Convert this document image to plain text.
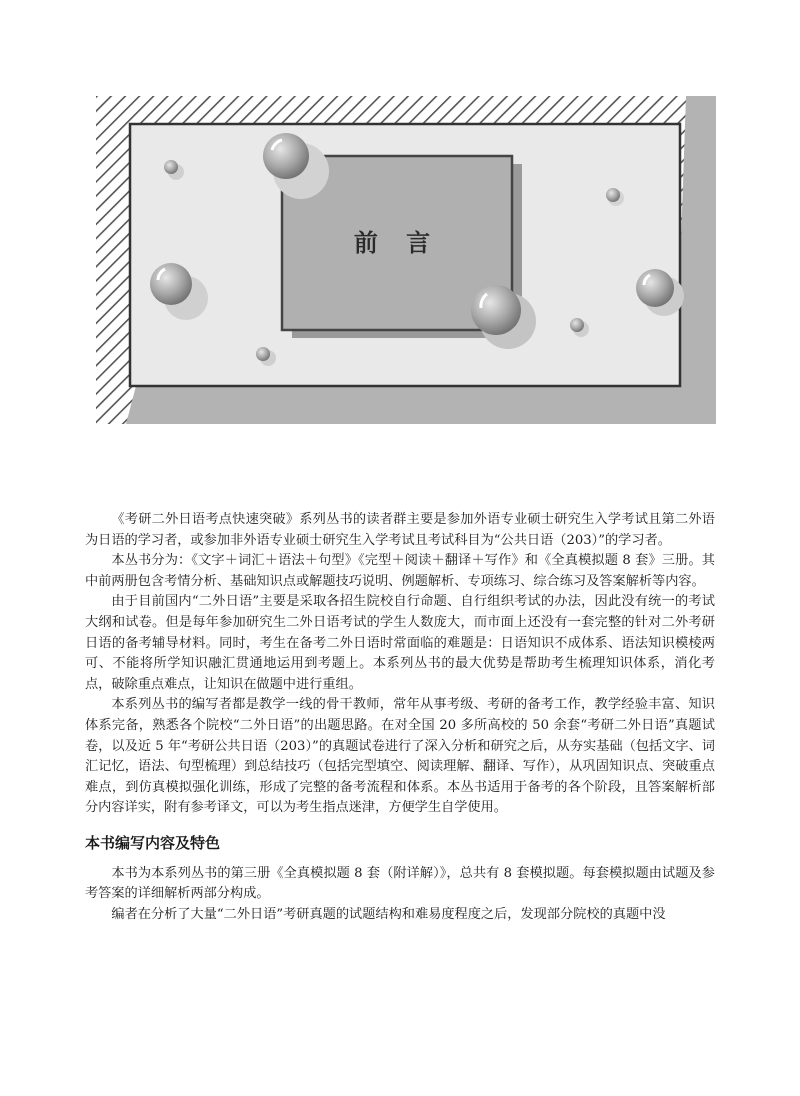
前 言

《考研二外日语考点快速突破》系列丛书的读者群主要是参加外语专业硕士研究生入学考试且第二外语为日语的学习者，或参加非外语专业硕士研究生入学考试且考试科目为“公共日语（203）”的学习者。

本丛书分为：《文字＋词汇＋语法＋句型》《完型＋阅读＋翻译＋写作》和《全真模拟题 8 套》三册。其中前两册包含考情分析、基础知识点或解题技巧说明、例题解析、专项练习、综合练习及答案解析等内容。

由于目前国内“二外日语”主要是采取各招生院校自行命题、自行组织考试的办法，因此没有统一的考试大纲和试卷。但是每年参加研究生二外日语考试的学生人数庞大，而市面上还没有一套完整的针对二外考研日语的备考辅导材料。同时，考生在备考二外日语时常面临的难题是：日语知识不成体系、语法知识模棱两可、不能将所学知识融汇贯通地运用到考题上。本系列丛书的最大优势是帮助考生梳理知识体系，消化考点，破除重点难点，让知识在做题中进行重组。

本系列丛书的编写者都是教学一线的骨干教师，常年从事考级、考研的备考工作，教学经验丰富、知识体系完备，熟悉各个院校“二外日语”的出题思路。在对全国 20 多所高校的 50 余套“考研二外日语”真题试卷，以及近 5 年“考研公共日语（203）”的真题试卷进行了深入分析和研究之后，从夯实基础（包括文字、词汇记忆，语法、句型梳理）到总结技巧（包括完型填空、阅读理解、翻译、写作），从巩固知识点、突破重点难点，到仿真模拟强化训练，形成了完整的备考流程和体系。本丛书适用于备考的各个阶段，且答案解析部分内容详实，附有参考译文，可以为考生指点迷津，方便学生自学使用。

本书编写内容及特色

本书为本系列丛书的第三册《全真模拟题 8 套（附详解）》，总共有 8 套模拟题。每套模拟题由试题及参考答案的详细解析两部分构成。

编者在分析了大量“二外日语”考研真题的试题结构和难易度程度之后，发现部分院校的真题中没
